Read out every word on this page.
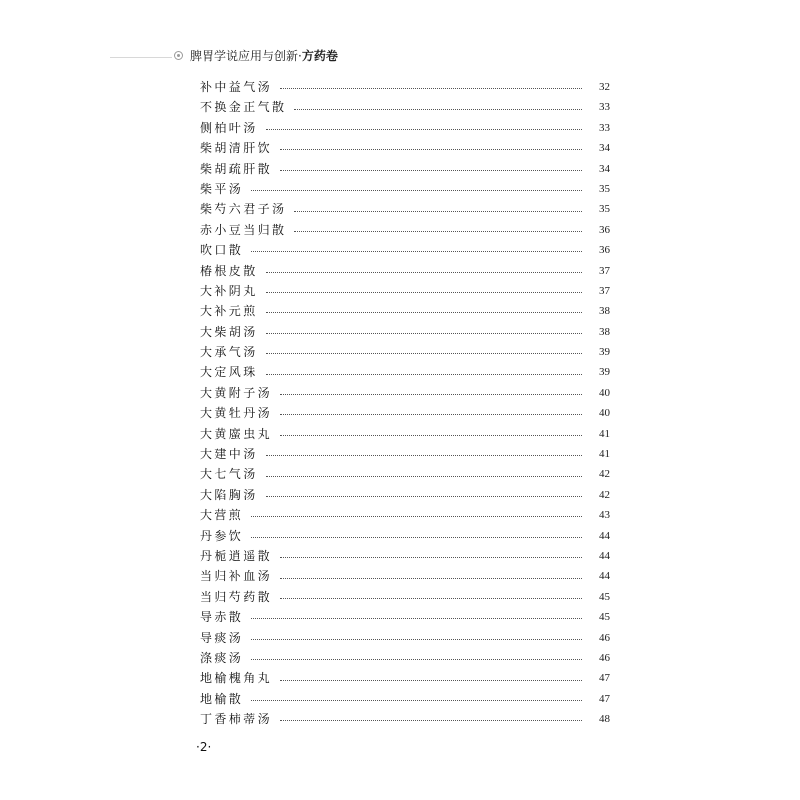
脾胃学说应用与创新·方药卷
补中益气汤	32
不换金正气散	33
侧柏叶汤	33
柴胡清肝饮	34
柴胡疏肝散	34
柴平汤	35
柴芍六君子汤	35
赤小豆当归散	36
吹口散	36
椿根皮散	37
大补阴丸	37
大补元煎	38
大柴胡汤	38
大承气汤	39
大定风珠	39
大黄附子汤	40
大黄牡丹汤	40
大黄䗪虫丸	41
大建中汤	41
大七气汤	42
大陷胸汤	42
大营煎	43
丹参饮	44
丹栀逍遥散	44
当归补血汤	44
当归芍药散	45
导赤散	45
导痰汤	46
涤痰汤	46
地榆槐角丸	47
地榆散	47
丁香柿蒂汤	48
·2·
